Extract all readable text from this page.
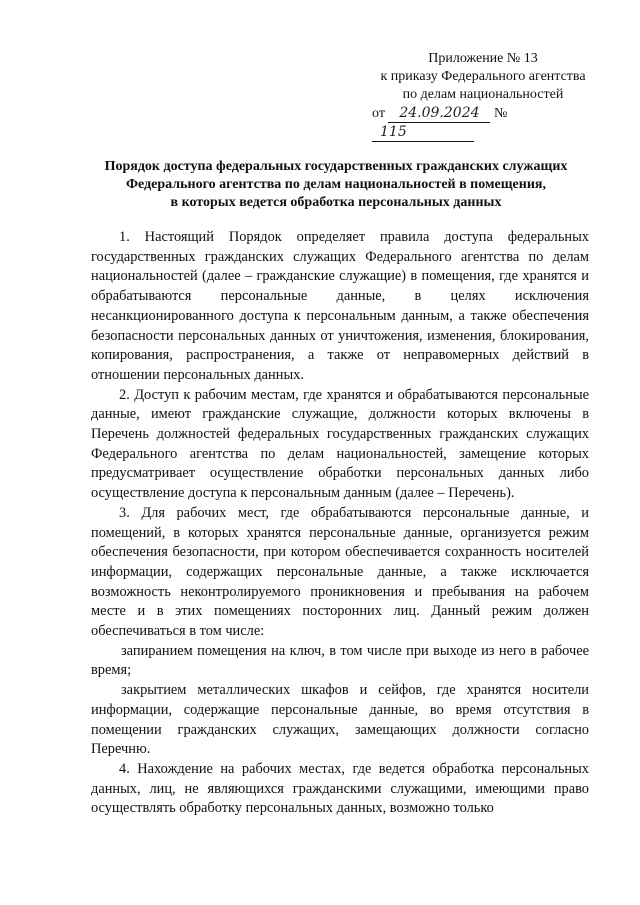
Приложение № 13
к приказу Федерального агентства
по делам национальностей
от 24.09.2024 № 115
Порядок доступа федеральных государственных гражданских служащих
Федерального агентства по делам национальностей в помещения,
в которых ведется обработка персональных данных

1. Настоящий Порядок определяет правила доступа федеральных государственных гражданских служащих Федерального агентства по делам национальностей (далее – гражданские служащие) в помещения, где хранятся и обрабатываются персональные данные, в целях исключения несанкционированного доступа к персональным данным, а также обеспечения безопасности персональных данных от уничтожения, изменения, блокирования, копирования, распространения, а также от неправомерных действий в отношении персональных данных.

2. Доступ к рабочим местам, где хранятся и обрабатываются персональные данные, имеют гражданские служащие, должности которых включены в Перечень должностей федеральных государственных гражданских служащих Федерального агентства по делам национальностей, замещение которых предусматривает осуществление обработки персональных данных либо осуществление доступа к персональным данным (далее – Перечень).

3. Для рабочих мест, где обрабатываются персональные данные, и помещений, в которых хранятся персональные данные, организуется режим обеспечения безопасности, при котором обеспечивается сохранность носителей информации, содержащих персональные данные, а также исключается возможность неконтролируемого проникновения и пребывания на рабочем месте и в этих помещениях посторонних лиц. Данный режим должен обеспечиваться в том числе:

запиранием помещения на ключ, в том числе при выходе из него в рабочее время;

закрытием металлических шкафов и сейфов, где хранятся носители информации, содержащие персональные данные, во время отсутствия в помещении гражданских служащих, замещающих должности согласно Перечню.

4. Нахождение на рабочих местах, где ведется обработка персональных данных, лиц, не являющихся гражданскими служащими, имеющими право осуществлять обработку персональных данных, возможно только
